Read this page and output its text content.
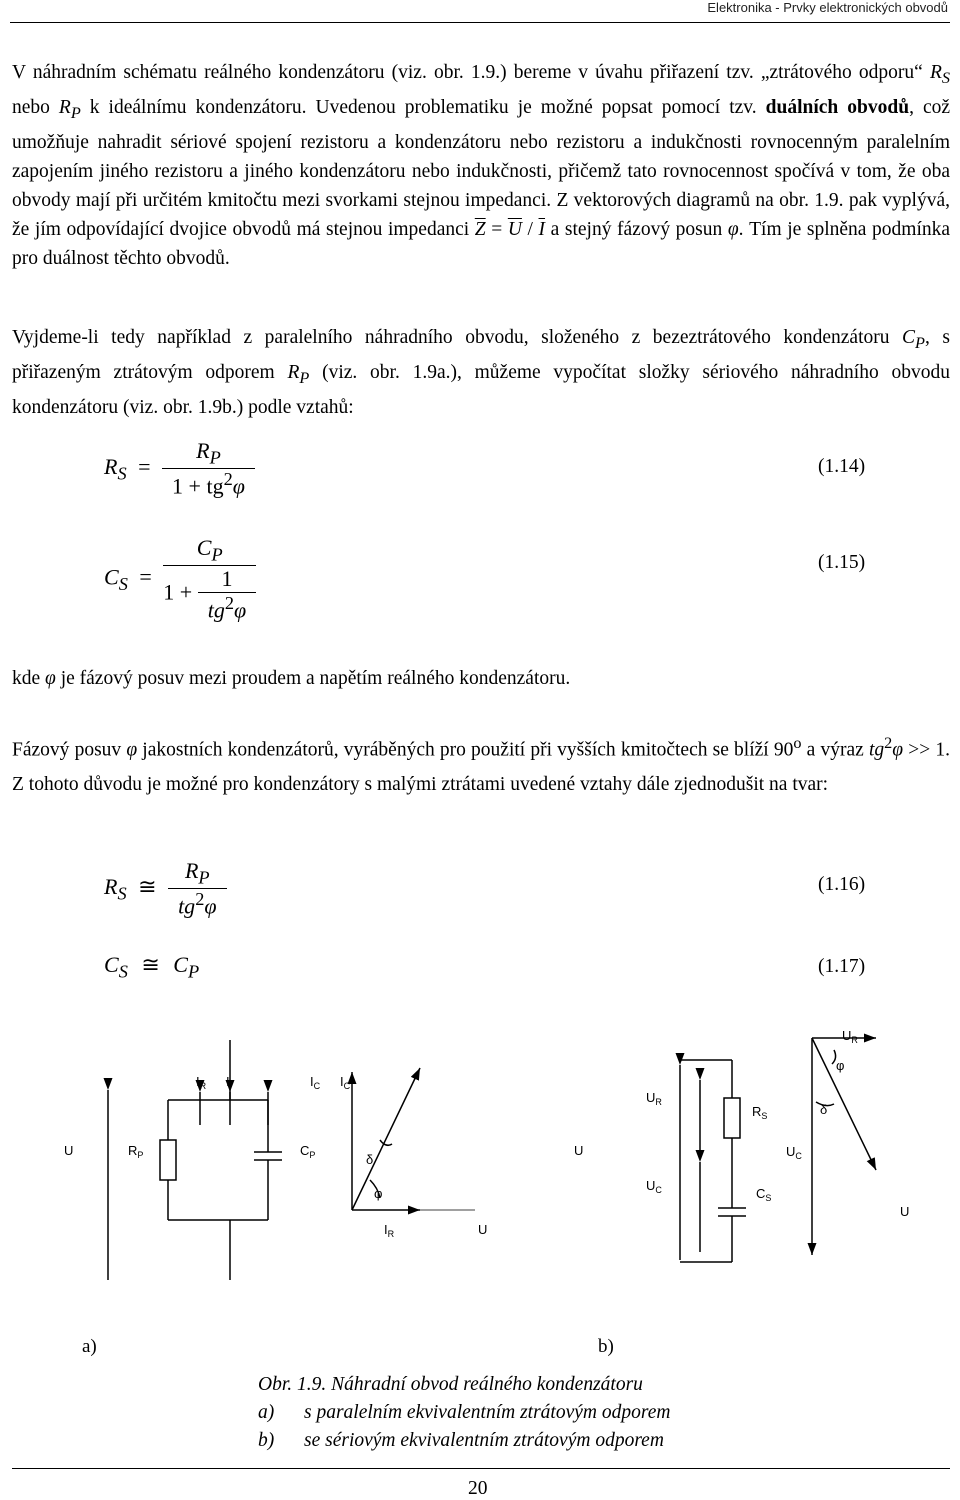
Elektronika - Prvky elektronických obvodů
V náhradním schématu reálného kondenzátoru (viz. obr. 1.9.) bereme v úvahu přiřazení tzv. „ztrátového odporu“ $R_S$ nebo $R_P$ k ideálnímu kondenzátoru. Uvedenou problematiku je možné popsat pomocí tzv. duálních obvodů, což umožňuje nahradit sériové spojení rezistoru a kondenzátoru nebo rezistoru a indukčnosti rovnocenným paralelním zapojením jiného rezistoru a jiného kondenzátoru nebo indukčnosti, přičemž tato rovnocennost spočívá v tom, že oba obvody mají při určitém kmitočtu mezi svorkami stejnou impedanci. Z vektorových diagramů na obr. 1.9. pak vyplývá, že jím odpovídající dvojice obvodů má stejnou impedanci $\overline{Z} = \overline{U} / \overline{I}$ a stejný fázový posun φ. Tím je splněna podmínka pro duálnost těchto obvodů.
Vyjdeme-li tedy například z paralelního náhradního obvodu, složeného z bezeztrátového kondenzátoru $C_P$, s přiřazeným ztrátovým odporem $R_P$ (viz. obr. 1.9a.), můžeme vypočítat složky sériového náhradního obvodu kondenzátoru (viz. obr. 1.9b.) podle vztahů:
$R_S = \frac{R_P}{1 + tg^2\varphi}$	(1.14)
$C_S = \frac{C_P}{1 + \frac{1}{tg^2\varphi}}$	(1.15)
kde φ je fázový posuv mezi proudem a napětím reálného kondenzátoru.
Fázový posuv φ jakostních kondenzátorů, vyráběných pro použití při vyšších kmitočtech se blíží 90$^o$ a výraz $tg^2\varphi >> 1$. Z tohoto důvodu je možné pro kondenzátory s malými ztrátami uvedené vztahy dále zjednodušit na tvar:
$R_S$ ≅ $\frac{R_P}{tg^2\varphi}$	(1.16)
$C_S$ ≅ $C_P$	(1.17)
U
$I_R$ I	$I_C$
$R_P$	$C_P$	δ
φ
$I_C$
$I_R$	U
U
$U_R$
$R_S$
$U_C$	$C_S$
$U_R$
φ
δ
$U_C$
U
a)	b)
Obr. 1.9. Náhradní obvod reálného kondenzátoru
a) s paralelním ekvivalentním ztrátovým odporem
b) se sériovým ekvivalentním ztrátovým odporem
20
